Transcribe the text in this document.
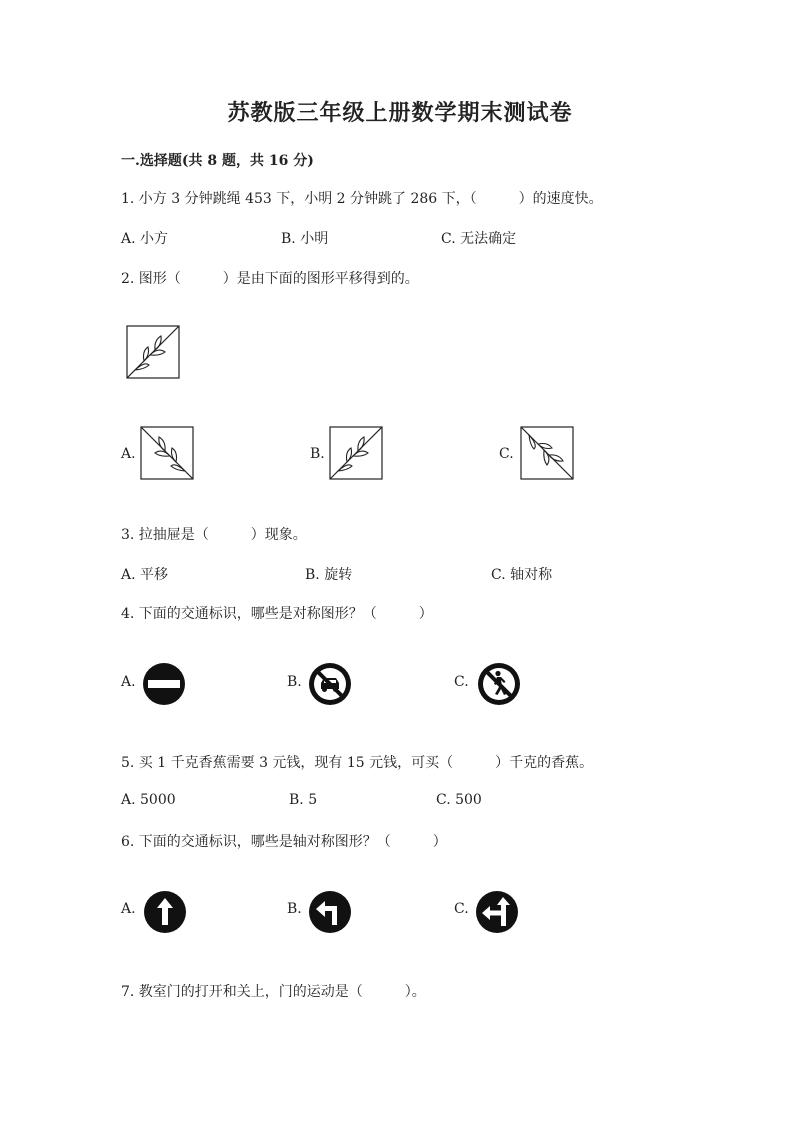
苏教版三年级上册数学期末测试卷
一.选择题(共 8 题，共 16 分)
1. 小方 3 分钟跳绳 453 下，小明 2 分钟跳了 286 下，（　　　）的速度快。
A. 小方	B. 小明	C. 无法确定
2. 图形（　　　）是由下面的图形平移得到的。
A.	B.	C.
3. 拉抽屉是（　　　）现象。
A. 平移	B. 旋转	C. 轴对称
4. 下面的交通标识，哪些是对称图形？（　　　）
A.	B.	C.
5. 买 1 千克香蕉需要 3 元钱，现有 15 元钱，可买（　　　）千克的香蕉。
A. 5000	B. 5	C. 500
6. 下面的交通标识，哪些是轴对称图形？（　　　）
A.	B.	C.
7. 教室门的打开和关上，门的运动是（　　　）。
